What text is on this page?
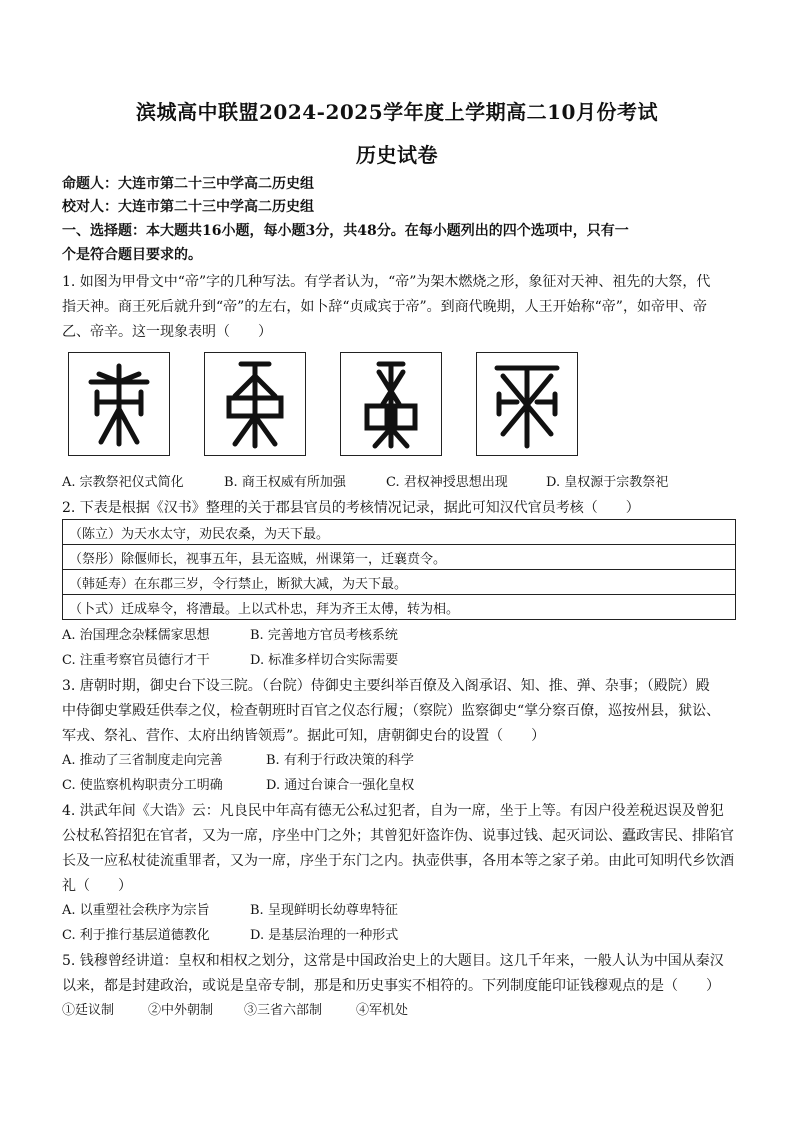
滨城高中联盟2024-2025学年度上学期高二10月份考试
历史试卷
命题人：大连市第二十三中学高二历史组
校对人：大连市第二十三中学高二历史组
一、选择题：本大题共16小题，每小题3分，共48分。在每小题列出的四个选项中，只有一
个是符合题目要求的。
1. 如图为甲骨文中“帝”字的几种写法。有学者认为，“帝”为架木燃烧之形，象征对天神、祖先的大祭，代
指天神。商王死后就升到“帝”的左右，如卜辞“贞咸宾于帝”。到商代晚期，人王开始称“帝”，如帝甲、帝
乙、帝辛。这一现象表明（　　）
A. 宗教祭祀仪式简化	B. 商王权威有所加强	C. 君权神授思想出现	D. 皇权源于宗教祭祀
2. 下表是根据《汉书》整理的关于郡县官员的考核情况记录，据此可知汉代官员考核（　　）
（陈立）为天水太守，劝民农桑，为天下最。
（祭彤）除偃师长，视事五年，县无盗贼，州课第一，迁襄贲令。
（韩延寿）在东郡三岁，令行禁止，断狱大减，为天下最。
（卜式）迁成皋令，将漕最。上以式朴忠，拜为齐王太傅，转为相。
A. 治国理念杂糅儒家思想	B. 完善地方官员考核系统
C. 注重考察官员德行才干	D. 标准多样切合实际需要
3. 唐朝时期，御史台下设三院。（台院）侍御史主要纠举百僚及入阁承诏、知、推、弹、杂事；（殿院）殿
中侍御史掌殿廷供奉之仪，检查朝班时百官之仪态行履；（察院）监察御史“掌分察百僚，巡按州县，狱讼、
军戎、祭礼、营作、太府出纳皆领焉”。据此可知，唐朝御史台的设置（　　）
A. 推动了三省制度走向完善	B. 有利于行政决策的科学
C. 使监察机构职责分工明确	D. 通过台谏合一强化皇权
4. 洪武年间《大诰》云：凡良民中年高有德无公私过犯者，自为一席，坐于上等。有因户役差税迟误及曾犯
公杖私笞招犯在官者，又为一席，序坐中门之外；其曾犯奸盗诈伪、说事过钱、起灭词讼、蠹政害民、排陷官
长及一应私杖徒流重罪者，又为一席，序坐于东门之内。执壶供事，各用本等之家子弟。由此可知明代乡饮酒
礼（　　）
A. 以重塑社会秩序为宗旨	B. 呈现鲜明长幼尊卑特征
C. 利于推行基层道德教化	D. 是基层治理的一种形式
5. 钱穆曾经讲道：皇权和相权之划分，这常是中国政治史上的大题目。这几千年来，一般人认为中国从秦汉
以来，都是封建政治，或说是皇帝专制，那是和历史事实不相符的。下列制度能印证钱穆观点的是（　　）
①廷议制	②中外朝制 ③三省六部制	④军机处
